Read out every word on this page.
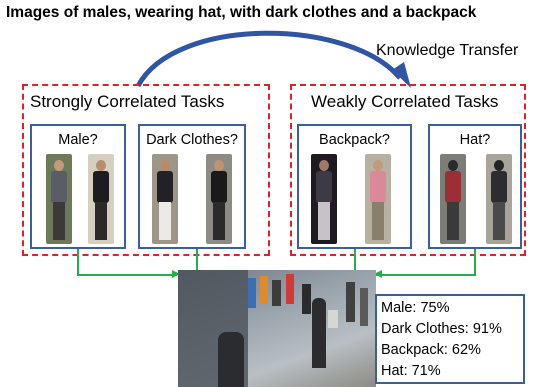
Images of males, wearing hat, with dark clothes and a backpack
Knowledge Transfer
Strongly Correlated Tasks
Male?	Dark Clothes?
Weakly Correlated Tasks
Backpack?	Hat?
Male: 75%
Dark Clothes: 91%
Backpack: 62%
Hat: 71%
